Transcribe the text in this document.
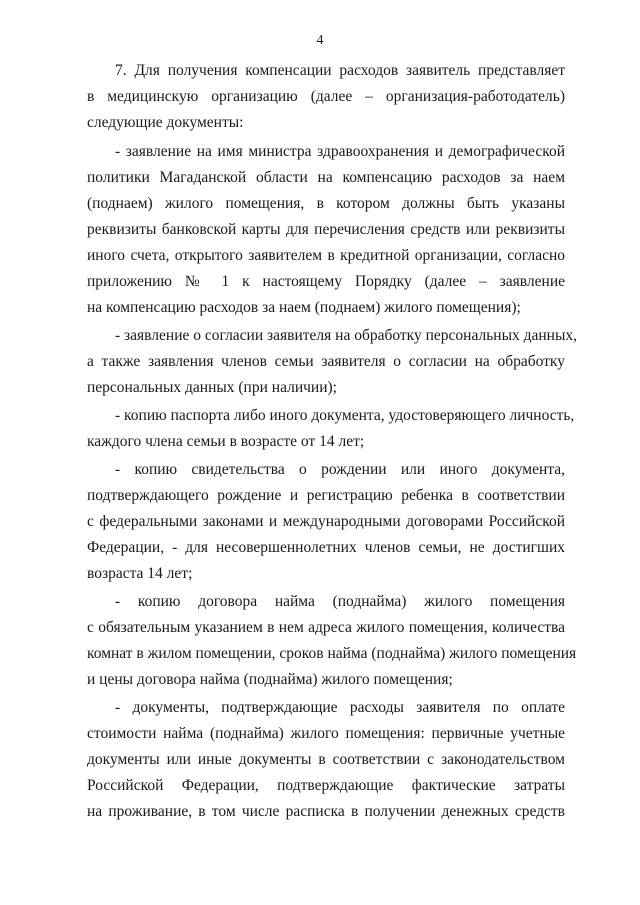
4
7. Для получения компенсации расходов заявитель представляет
в медицинскую организацию (далее – организация-работодатель)
следующие документы:
- заявление на имя министра здравоохранения и демографической
политики Магаданской области на компенсацию расходов за наем
(поднаем) жилого помещения, в котором должны быть указаны
реквизиты банковской карты для перечисления средств или реквизиты
иного счета, открытого заявителем в кредитной организации, согласно
приложению № 1 к настоящему Порядку (далее – заявление
на компенсацию расходов за наем (поднаем) жилого помещения);
- заявление о согласии заявителя на обработку персональных данных,
а также заявления членов семьи заявителя о согласии на обработку
персональных данных (при наличии);
- копию паспорта либо иного документа, удостоверяющего личность,
каждого члена семьи в возрасте от 14 лет;
- копию свидетельства о рождении или иного документа,
подтверждающего рождение и регистрацию ребенка в соответствии
с федеральными законами и международными договорами Российской
Федерации, - для несовершеннолетних членов семьи, не достигших
возраста 14 лет;
- копию договора найма (поднайма) жилого помещения
с обязательным указанием в нем адреса жилого помещения, количества
комнат в жилом помещении, сроков найма (поднайма) жилого помещения
и цены договора найма (поднайма) жилого помещения;
- документы, подтверждающие расходы заявителя по оплате
стоимости найма (поднайма) жилого помещения: первичные учетные
документы или иные документы в соответствии с законодательством
Российской Федерации, подтверждающие фактические затраты
на проживание, в том числе расписка в получении денежных средств
